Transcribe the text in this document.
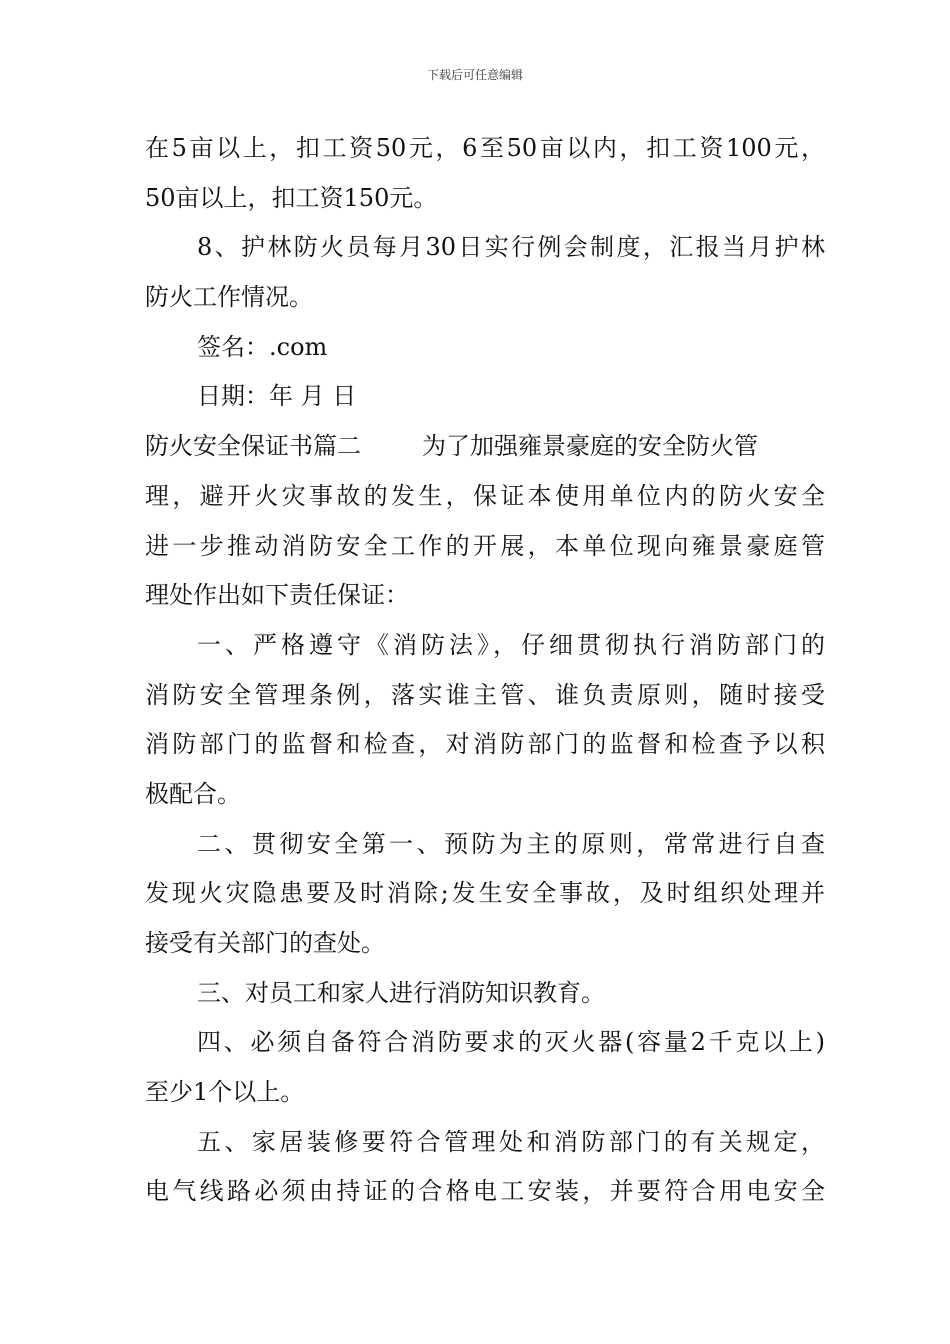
下载后可任意编辑
在5亩以上，扣工资50元，6至50亩以内，扣工资100元，
50亩以上，扣工资150元。
8、护林防火员每月30日实行例会制度，汇报当月护林
防火工作情况。
签名：.com
日期：年 月 日
防火安全保证书篇二        为了加强雍景豪庭的安全防火管
理，避开火灾事故的发生，保证本使用单位内的防火安全
进一步推动消防安全工作的开展，本单位现向雍景豪庭管
理处作出如下责任保证：
一、严格遵守《消防法》，仔细贯彻执行消防部门的
消防安全管理条例，落实谁主管、谁负责原则，随时接受
消防部门的监督和检查，对消防部门的监督和检查予以积
极配合。
二、贯彻安全第一、预防为主的原则，常常进行自查
发现火灾隐患要及时消除;发生安全事故，及时组织处理并
接受有关部门的查处。
三、对员工和家人进行消防知识教育。
四、必须自备符合消防要求的灭火器(容量2千克以上)
至少1个以上。
五、家居装修要符合管理处和消防部门的有关规定，
电气线路必须由持证的合格电工安装，并要符合用电安全
